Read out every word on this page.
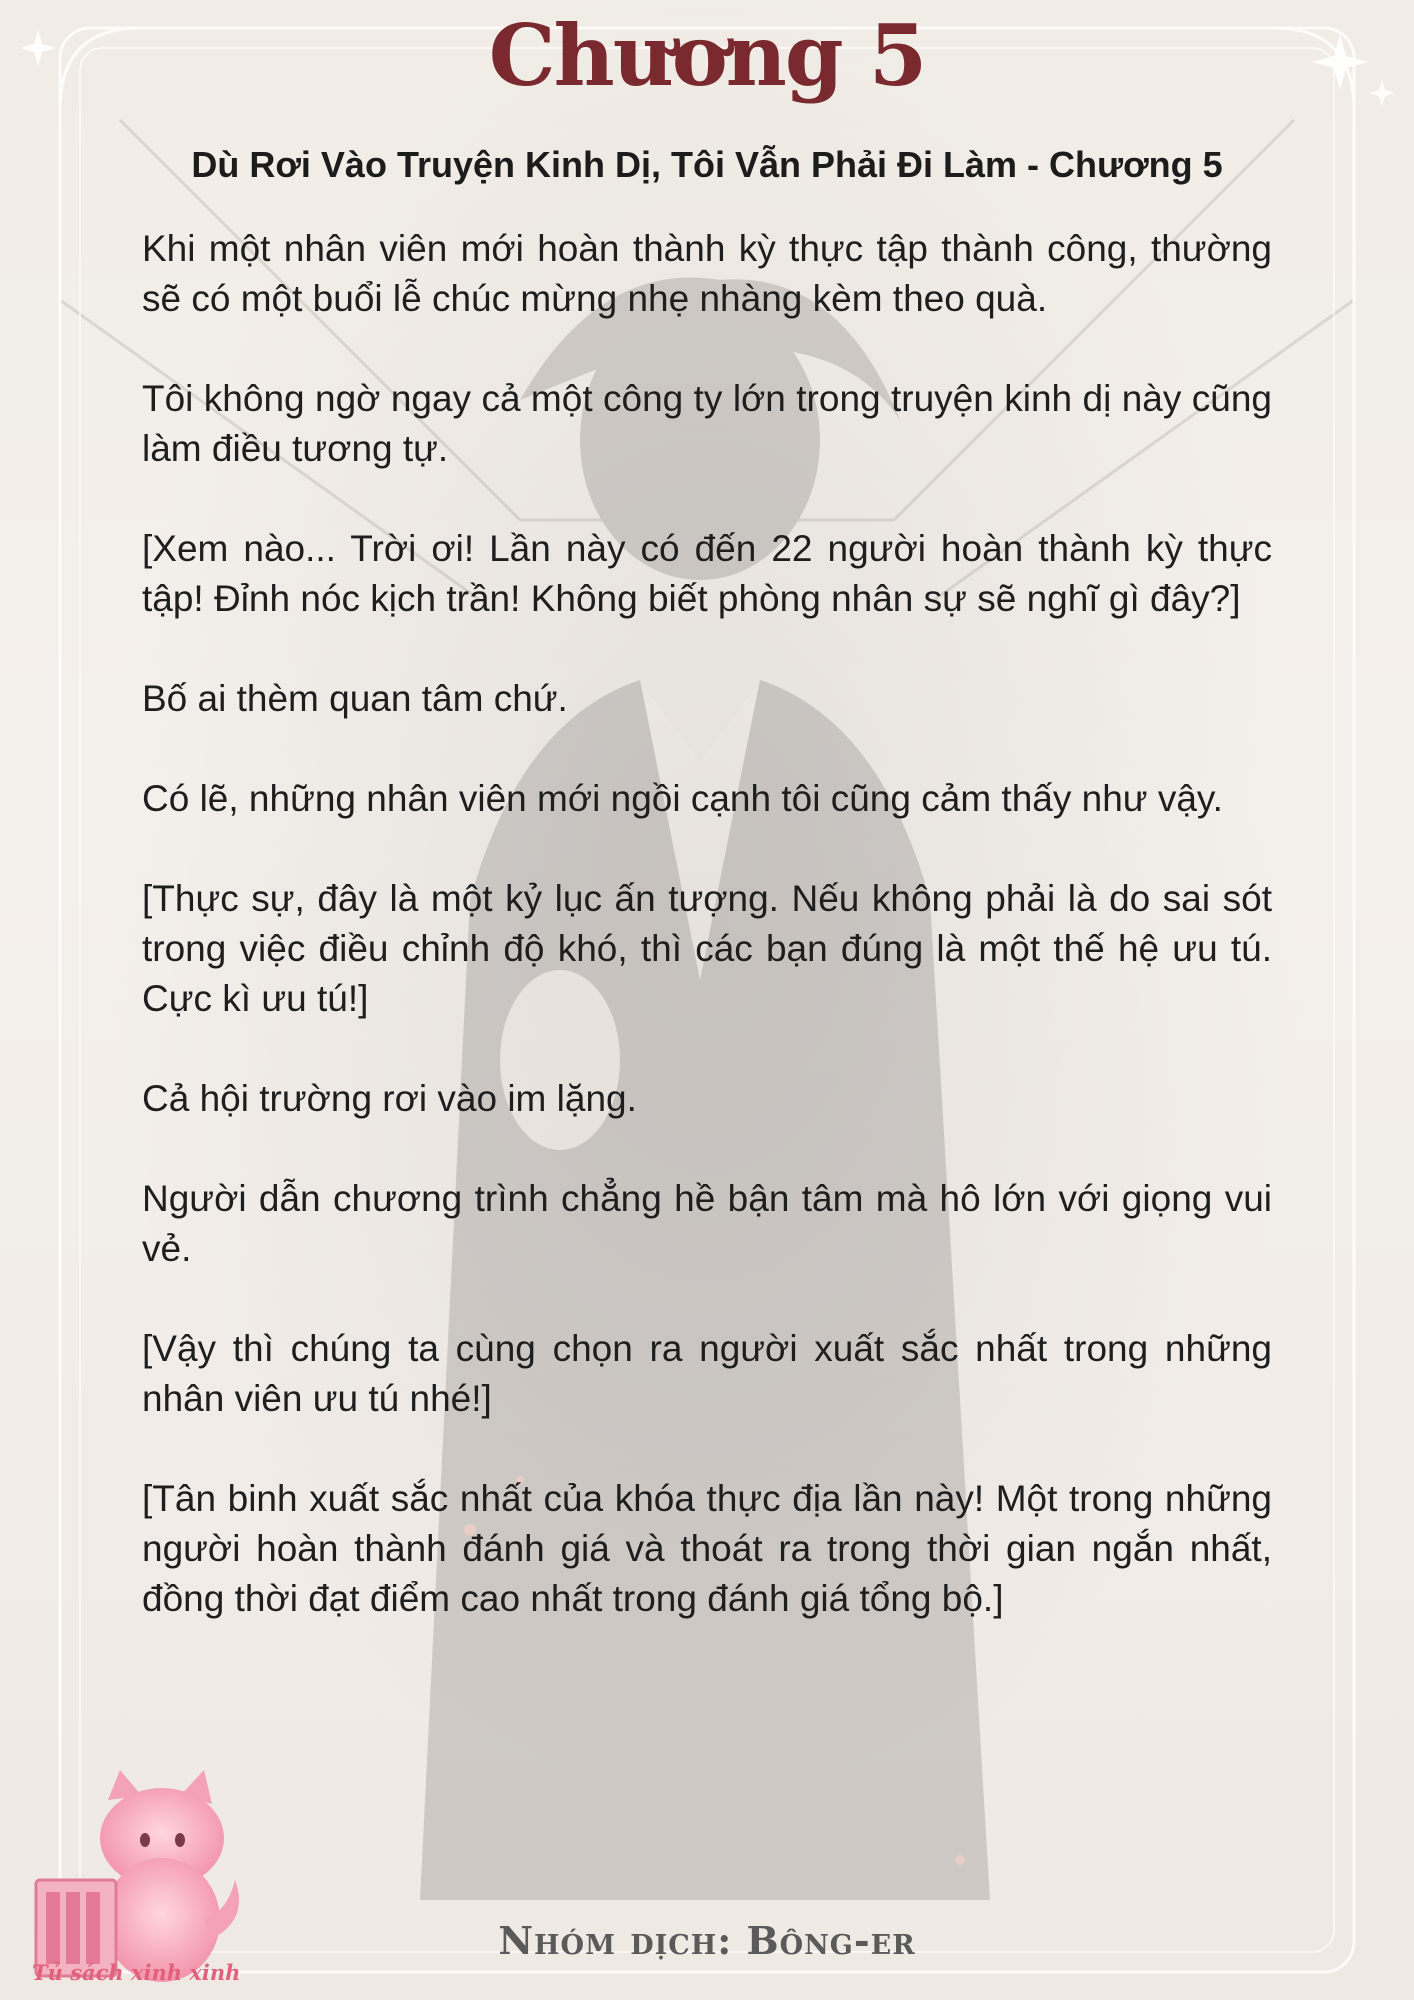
Chương 5
Dù Rơi Vào Truyện Kinh Dị, Tôi Vẫn Phải Đi Làm - Chương 5

Khi một nhân viên mới hoàn thành kỳ thực tập thành công, thường sẽ có một buổi lễ chúc mừng nhẹ nhàng kèm theo quà.

Tôi không ngờ ngay cả một công ty lớn trong truyện kinh dị này cũng làm điều tương tự.

[Xem nào... Trời ơi! Lần này có đến 22 người hoàn thành kỳ thực tập! Đỉnh nóc kịch trần! Không biết phòng nhân sự sẽ nghĩ gì đây?]

Bố ai thèm quan tâm chứ.

Có lẽ, những nhân viên mới ngồi cạnh tôi cũng cảm thấy như vậy.

[Thực sự, đây là một kỷ lục ấn tượng. Nếu không phải là do sai sót trong việc điều chỉnh độ khó, thì các bạn đúng là một thế hệ ưu tú. Cực kì ưu tú!]

Cả hội trường rơi vào im lặng.

Người dẫn chương trình chẳng hề bận tâm mà hô lớn với giọng vui vẻ.

[Vậy thì chúng ta cùng chọn ra người xuất sắc nhất trong những nhân viên ưu tú nhé!]

[Tân binh xuất sắc nhất của khóa thực địa lần này! Một trong những người hoàn thành đánh giá và thoát ra trong thời gian ngắn nhất, đồng thời đạt điểm cao nhất trong đánh giá tổng bộ.]

Tủ sách xinh xinh
Nhóm dịch: Bông-er
